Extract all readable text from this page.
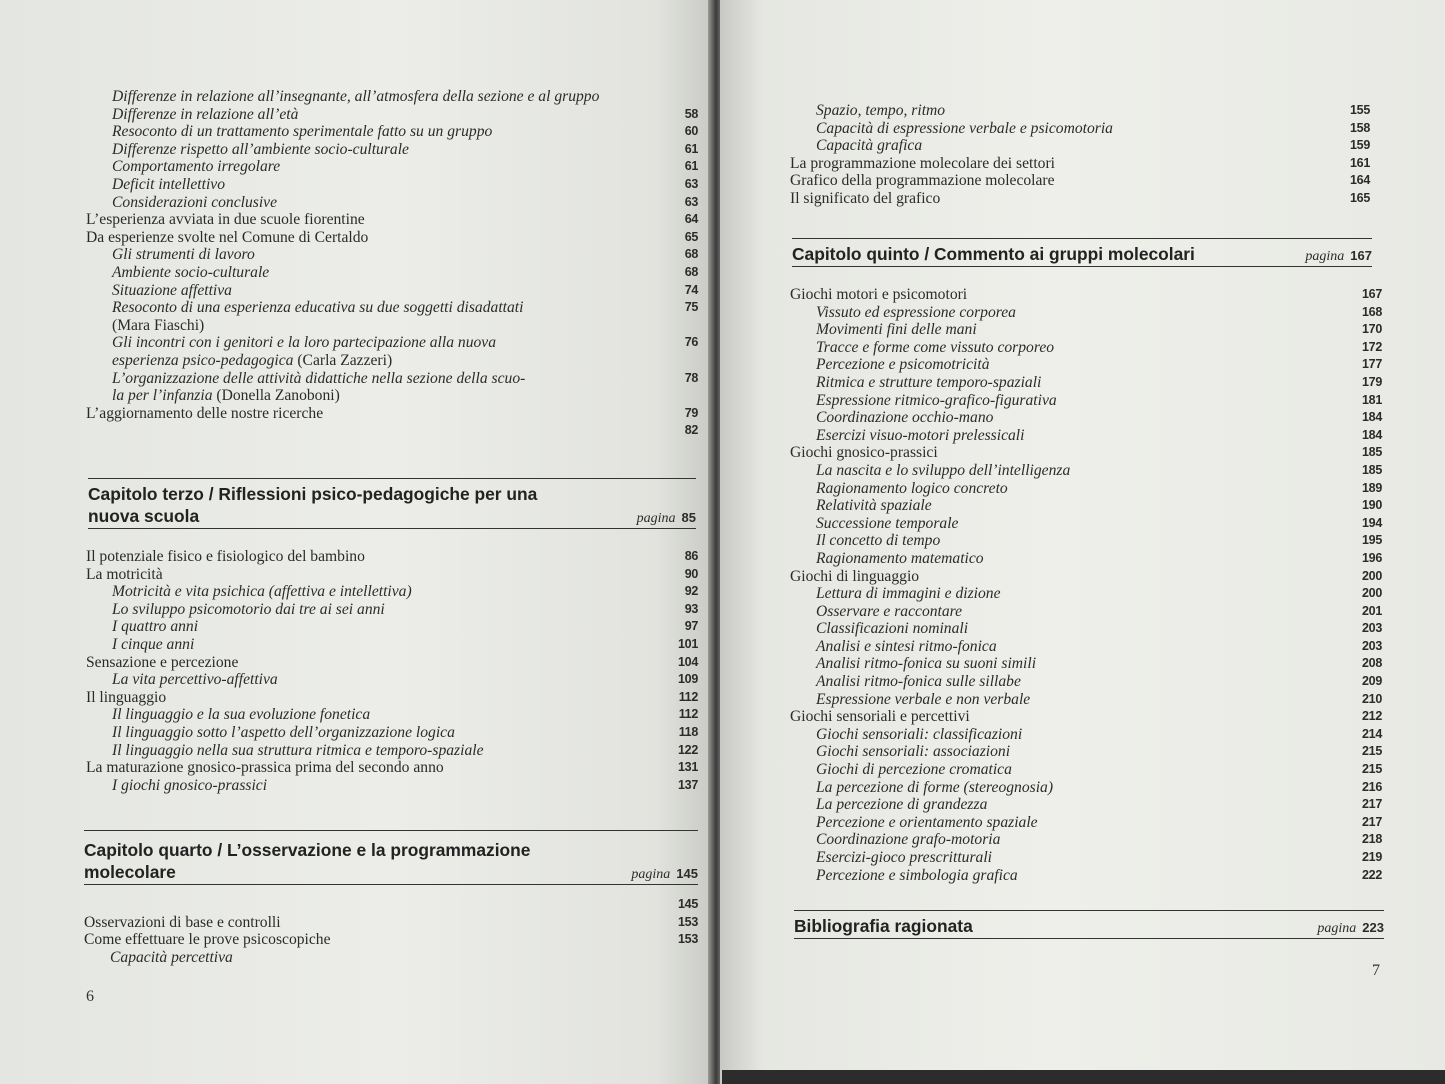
Differenze in relazione all’insegnante, all’atmosfera della sezione e al gruppo
Differenze in relazione all’età	58
Resoconto di un trattamento sperimentale fatto su un gruppo	60
Differenze rispetto all’ambiente socio-culturale	61
Comportamento irregolare	61
Deficit intellettivo	63
Considerazioni conclusive	63
L’esperienza avviata in due scuole fiorentine	64
Da esperienze svolte nel Comune di Certaldo	65
Gli strumenti di lavoro	68
Ambiente socio-culturale	68
Situazione affettiva	74
Resoconto di una esperienza educativa su due soggetti disadattati	75
(Mara Fiaschi)
Gli incontri con i genitori e la loro partecipazione alla nuova	76
esperienza psico-pedagogica (Carla Zazzeri)
L’organizzazione delle attività didattiche nella sezione della scuo-	78
la per l’infanzia (Donella Zanoboni)
L’aggiornamento delle nostre ricerche	79
82
Capitolo terzo / Riflessioni psico-pedagogiche per una
nuova scuola	pagina 85
Il potenziale fisico e fisiologico del bambino	86
La motricità	90
Motricità e vita psichica (affettiva e intellettiva)	92
Lo sviluppo psicomotorio dai tre ai sei anni	93
I quattro anni	97
I cinque anni	101
Sensazione e percezione	104
La vita percettivo-affettiva	109
Il linguaggio	112
Il linguaggio e la sua evoluzione fonetica	112
Il linguaggio sotto l’aspetto dell’organizzazione logica	118
Il linguaggio nella sua struttura ritmica e temporo-spaziale	122
La maturazione gnosico-prassica prima del secondo anno	131
I giochi gnosico-prassici	137
Capitolo quarto / L’osservazione e la programmazione
molecolare	pagina 145
145
Osservazioni di base e controlli	153
Come effettuare le prove psicoscopiche	153
Capacità percettiva
6
Spazio, tempo, ritmo	155
Capacità di espressione verbale e psicomotoria	158
Capacità grafica	159
La programmazione molecolare dei settori	161
Grafico della programmazione molecolare	164
Il significato del grafico	165
Capitolo quinto / Commento ai gruppi molecolari	pagina 167
Giochi motori e psicomotori	167
Vissuto ed espressione corporea	168
Movimenti fini delle mani	170
Tracce e forme come vissuto corporeo	172
Percezione e psicomotricità	177
Ritmica e strutture temporo-spaziali	179
Espressione ritmico-grafico-figurativa	181
Coordinazione occhio-mano	184
Esercizi visuo-motori prelessicali	184
Giochi gnosico-prassici	185
La nascita e lo sviluppo dell’intelligenza	185
Ragionamento logico concreto	189
Relatività spaziale	190
Successione temporale	194
Il concetto di tempo	195
Ragionamento matematico	196
Giochi di linguaggio	200
Lettura di immagini e dizione	200
Osservare e raccontare	201
Classificazioni nominali	203
Analisi e sintesi ritmo-fonica	203
Analisi ritmo-fonica su suoni simili	208
Analisi ritmo-fonica sulle sillabe	209
Espressione verbale e non verbale	210
Giochi sensoriali e percettivi	212
Giochi sensoriali: classificazioni	214
Giochi sensoriali: associazioni	215
Giochi di percezione cromatica	215
La percezione di forme (stereognosia)	216
La percezione di grandezza	217
Percezione e orientamento spaziale	217
Coordinazione grafo-motoria	218
Esercizi-gioco prescritturali	219
Percezione e simbologia grafica	222
Bibliografia ragionata	pagina 223
7
